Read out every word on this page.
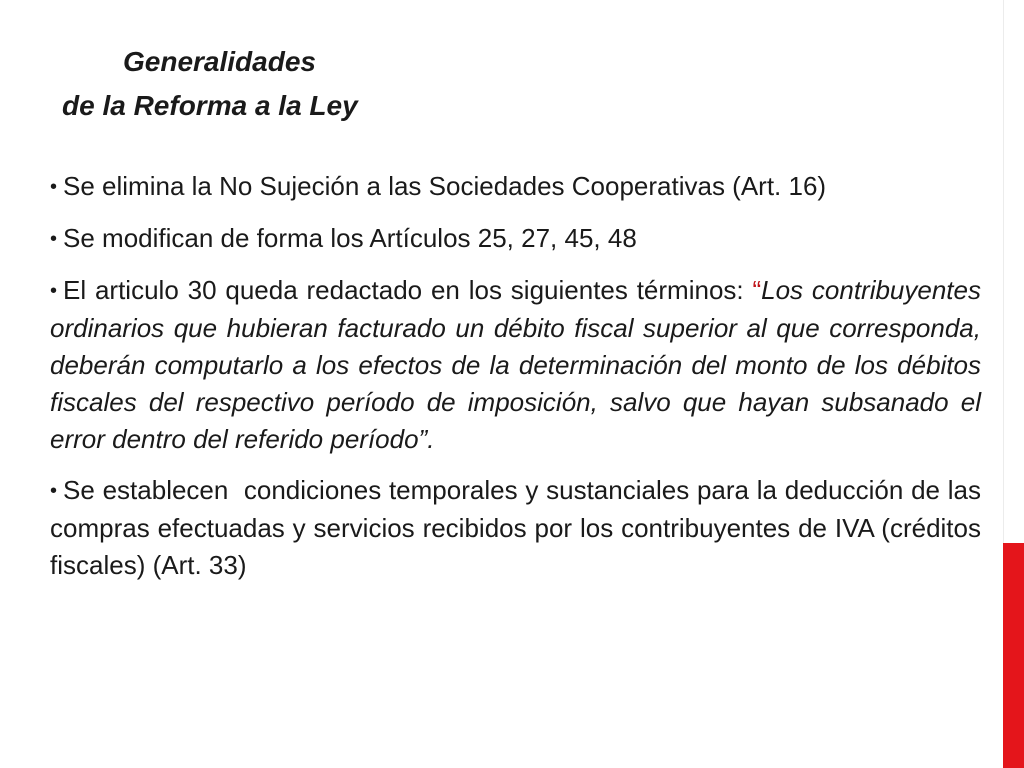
Generalidades
de la Reforma a la Ley

• Se elimina la No Sujeción a las Sociedades Cooperativas (Art. 16)

• Se modifican de forma los Artículos 25, 27, 45, 48

• El articulo 30 queda redactado en los siguientes términos: “Los contribuyentes ordinarios que hubieran facturado un débito fiscal superior al que corresponda, deberán computarlo a los efectos de la determinación del monto de los débitos fiscales del respectivo período de imposición, salvo que hayan subsanado el error dentro del referido período”.

• Se establecen  condiciones temporales y sustanciales para la deducción de las compras efectuadas y servicios recibidos por los contribuyentes de IVA (créditos fiscales) (Art. 33)
